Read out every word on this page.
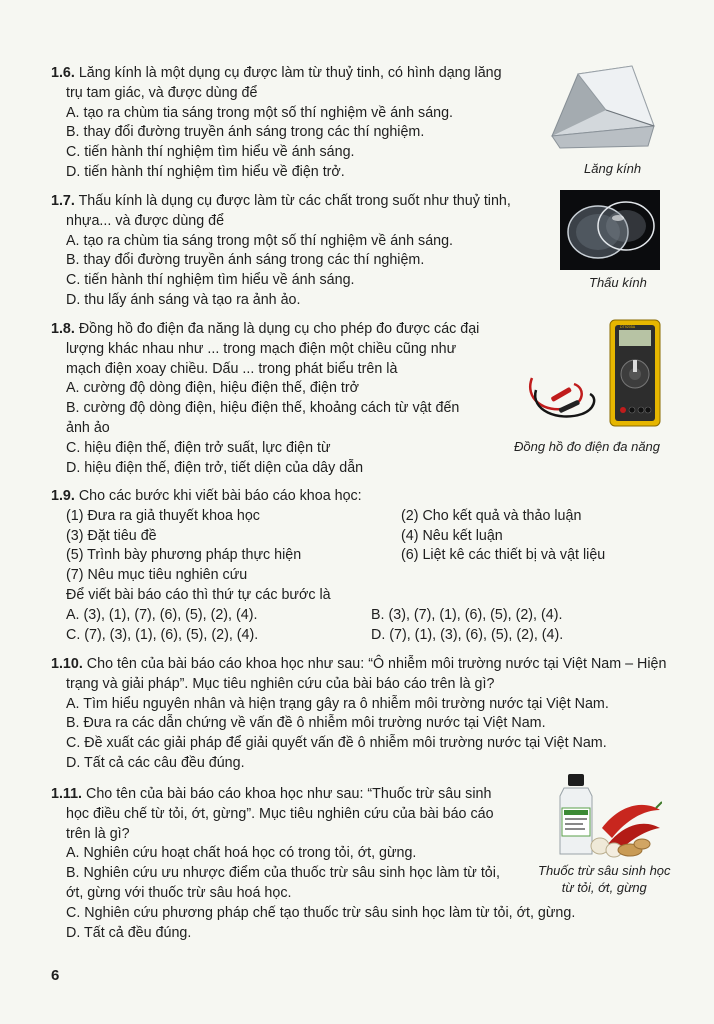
1.6. Lăng kính là một dụng cụ được làm từ thuỷ tinh, có hình dạng lăng
trụ tam giác, và được dùng để
A. tạo ra chùm tia sáng trong một số thí nghiệm về ánh sáng.
B. thay đổi đường truyền ánh sáng trong các thí nghiệm.
C. tiến hành thí nghiệm tìm hiểu về ánh sáng.
D. tiến hành thí nghiệm tìm hiểu về điện trở.	Lăng kính
1.7. Thấu kính là dụng cụ được làm từ các chất trong suốt như thuỷ tinh,
nhựa... và được dùng để
A. tạo ra chùm tia sáng trong một số thí nghiệm về ánh sáng.
B. thay đổi đường truyền ánh sáng trong các thí nghiệm.
C. tiến hành thí nghiệm tìm hiểu về ánh sáng.
D. thu lấy ánh sáng và tạo ra ảnh ảo.
Thấu kính
1.8. Đồng hồ đo điện đa năng là dụng cụ cho phép đo được các đại
lượng khác nhau như ... trong mạch điện một chiều cũng như
mạch điện xoay chiều. Dấu ... trong phát biểu trên là
A. cường độ dòng điện, hiệu điện thế, điện trở
B. cường độ dòng điện, hiệu điện thế, khoảng cách từ vật đến
ảnh ảo
C. hiệu điện thế, điện trở suất, lực điện từ
D. hiệu điện thế, điện trở, tiết diện của dây dẫn
DT9205A
Đồng hồ đo điện đa năng
1.9. Cho các bước khi viết bài báo cáo khoa học:
(1) Đưa ra giả thuyết khoa học
(3) Đặt tiêu đề
(5) Trình bày phương pháp thực hiện
(2) Cho kết quả và thảo luận
(4) Nêu kết luận
(6) Liệt kê các thiết bị và vật liệu
(7) Nêu mục tiêu nghiên cứu
Để viết bài báo cáo thì thứ tự các bước là
A. (3), (1), (7), (6), (5), (2), (4).
C. (7), (3), (1), (6), (5), (2), (4).
B. (3), (7), (1), (6), (5), (2), (4).
D. (7), (1), (3), (6), (5), (2), (4).
1.10. Cho tên của bài báo cáo khoa học như sau: “Ô nhiễm môi trường nước tại Việt Nam – Hiện
trạng và giải pháp”. Mục tiêu nghiên cứu của bài báo cáo trên là gì?
A. Tìm hiểu nguyên nhân và hiện trạng gây ra ô nhiễm môi trường nước tại Việt Nam.
B. Đưa ra các dẫn chứng về vấn đề ô nhiễm môi trường nước tại Việt Nam.
C. Đề xuất các giải pháp để giải quyết vấn đề ô nhiễm môi trường nước tại Việt Nam.
D. Tất cả các câu đều đúng.
1.11. Cho tên của bài báo cáo khoa học như sau: “Thuốc trừ sâu sinh
học điều chế từ tỏi, ớt, gừng”. Mục tiêu nghiên cứu của bài báo cáo
trên là gì?
A. Nghiên cứu hoạt chất hoá học có trong tỏi, ớt, gừng.
B. Nghiên cứu ưu nhược điểm của thuốc trừ sâu sinh học làm từ tỏi,
ớt, gừng với thuốc trừ sâu hoá học.
C. Nghiên cứu phương pháp chế tạo thuốc trừ sâu sinh học làm từ tỏi, ớt, gừng.
D. Tất cả đều đúng.
Thuốc trừ sâu sinh học
từ tỏi, ớt, gừng
6
